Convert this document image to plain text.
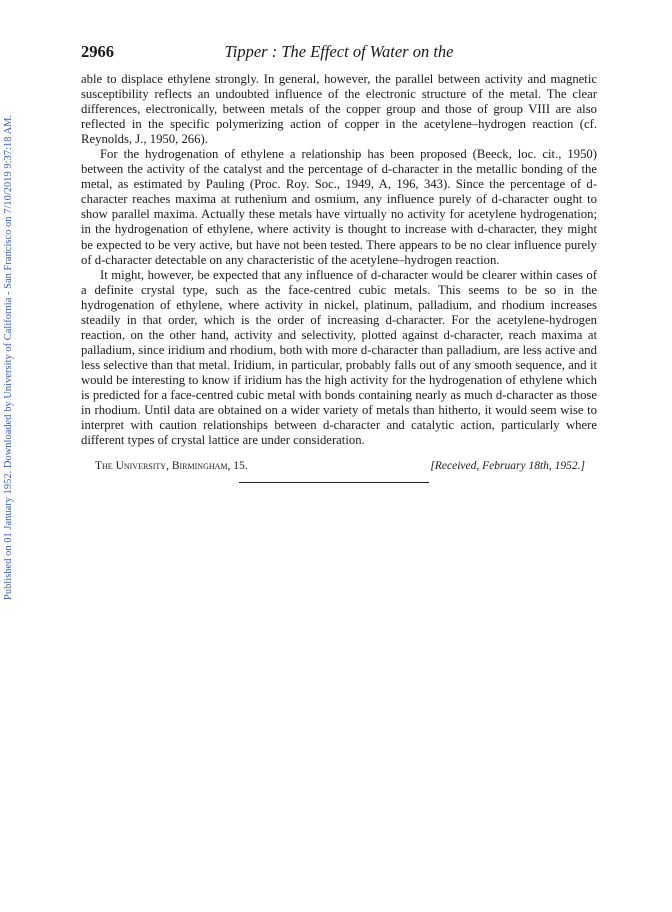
Published on 01 January 1952. Downloaded by University of California - San Francisco on 7/10/2019 9:37:18 AM.
2966	Tipper : The Effect of Water on the

able to displace ethylene strongly. In general, however, the parallel between activity and magnetic susceptibility reflects an undoubted influence of the electronic structure of the metal. The clear differences, electronically, between metals of the copper group and those of group VIII are also reflected in the specific polymerizing action of copper in the acetylene–hydrogen reaction (cf. Reynolds, J., 1950, 266).

For the hydrogenation of ethylene a relationship has been proposed (Beeck, loc. cit., 1950) between the activity of the catalyst and the percentage of d-character in the metallic bonding of the metal, as estimated by Pauling (Proc. Roy. Soc., 1949, A, 196, 343). Since the percentage of d-character reaches maxima at ruthenium and osmium, any influence purely of d-character ought to show parallel maxima. Actually these metals have virtually no activity for acetylene hydrogenation; in the hydrogenation of ethylene, where activity is thought to increase with d-character, they might be expected to be very active, but have not been tested. There appears to be no clear influence purely of d-character detectable on any characteristic of the acetylene–hydrogen reaction.

It might, however, be expected that any influence of d-character would be clearer within cases of a definite crystal type, such as the face-centred cubic metals. This seems to be so in the hydrogenation of ethylene, where activity in nickel, platinum, palladium, and rhodium increases steadily in that order, which is the order of increasing d-character. For the acetylene-hydrogen reaction, on the other hand, activity and selectivity, plotted against d-character, reach maxima at palladium, since iridium and rhodium, both with more d-character than palladium, are less active and less selective than that metal. Iridium, in particular, probably falls out of any smooth sequence, and it would be interesting to know if iridium has the high activity for the hydrogenation of ethylene which is predicted for a face-centred cubic metal with bonds containing nearly as much d-character as those in rhodium. Until data are obtained on a wider variety of metals than hitherto, it would seem wise to interpret with caution relationships between d-character and catalytic action, particularly where different types of crystal lattice are under consideration.

The University, Birmingham, 15.	[Received, February 18th, 1952.]
